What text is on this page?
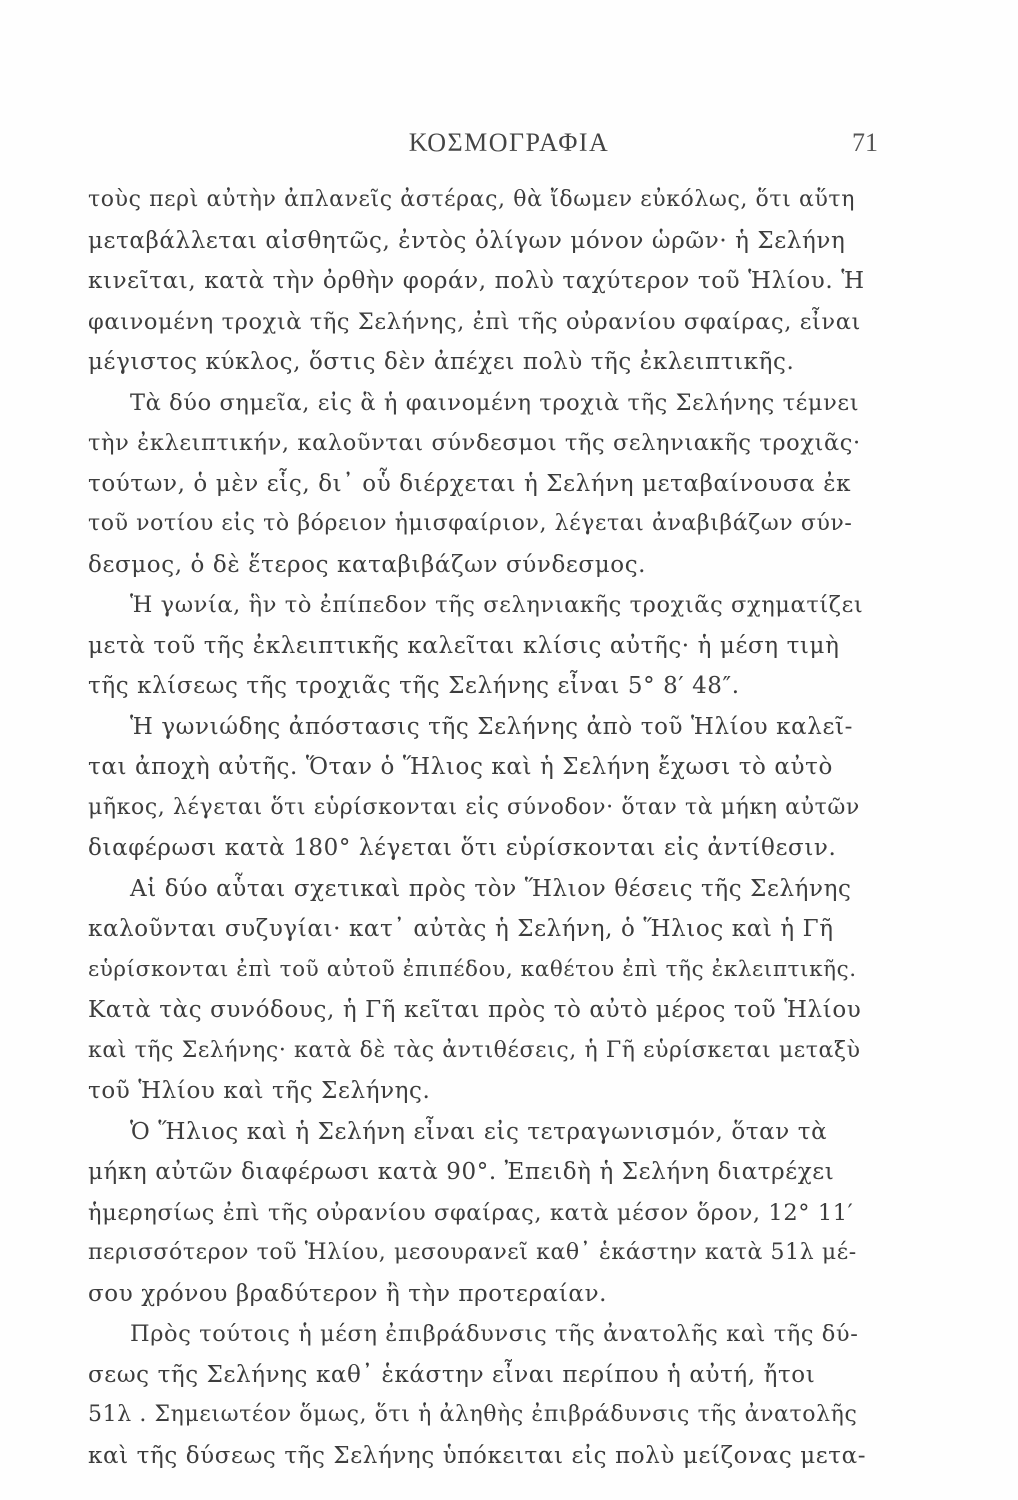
ΚΟΣΜΟΓΡΑΦΙΑ	71
τοὺς περὶ αὐτὴν ἀπλανεῖς ἀστέρας, θὰ ἴδωμεν εὐκόλως, ὅτι αὕτη
μεταβάλλεται αἰσθητῶς, ἐντὸς ὀλίγων μόνον ὡρῶν· ἡ Σελήνη
κινεῖται, κατὰ τὴν ὀρθὴν φοράν, πολὺ ταχύτερον τοῦ Ἡλίου. Ἡ
φαινομένη τροχιὰ τῆς Σελήνης, ἐπὶ τῆς οὐρανίου σφαίρας, εἶναι
μέγιστος κύκλος, ὅστις δὲν ἀπέχει πολὺ τῆς ἐκλειπτικῆς.
Τὰ δύο σημεῖα, εἰς ἃ ἡ φαινομένη τροχιὰ τῆς Σελήνης τέμνει
τὴν ἐκλειπτικήν, καλοῦνται σύνδεσμοι τῆς σεληνιακῆς τροχιᾶς·
τούτων, ὁ μὲν εἷς, δι᾽ οὗ διέρχεται ἡ Σελήνη μεταβαίνουσα ἐκ
τοῦ νοτίου εἰς τὸ βόρειον ἡμισφαίριον, λέγεται ἀναβιβάζων σύν-
δεσμος, ὁ δὲ ἕτερος καταβιβάζων σύνδεσμος.
Ἡ γωνία, ἣν τὸ ἐπίπεδον τῆς σεληνιακῆς τροχιᾶς σχηματίζει
μετὰ τοῦ τῆς ἐκλειπτικῆς καλεῖται κλίσις αὐτῆς· ἡ μέση τιμὴ
τῆς κλίσεως τῆς τροχιᾶς τῆς Σελήνης εἶναι 5° 8′ 48″.
Ἡ γωνιώδης ἀπόστασις τῆς Σελήνης ἀπὸ τοῦ Ἡλίου καλεῖ-
ται ἀποχὴ αὐτῆς. Ὅταν ὁ Ἥλιος καὶ ἡ Σελήνη ἔχωσι τὸ αὐτὸ
μῆκος, λέγεται ὅτι εὑρίσκονται εἰς σύνοδον· ὅταν τὰ μήκη αὐτῶν
διαφέρωσι κατὰ 180° λέγεται ὅτι εὑρίσκονται εἰς ἀντίθεσιν.
Αἱ δύο αὗται σχετικαὶ πρὸς τὸν Ἥλιον θέσεις τῆς Σελήνης
καλοῦνται συζυγίαι· κατ᾽ αὐτὰς ἡ Σελήνη, ὁ Ἥλιος καὶ ἡ Γῆ
εὑρίσκονται ἐπὶ τοῦ αὐτοῦ ἐπιπέδου, καθέτου ἐπὶ τῆς ἐκλειπτικῆς.
Κατὰ τὰς συνόδους, ἡ Γῆ κεῖται πρὸς τὸ αὐτὸ μέρος τοῦ Ἡλίου
καὶ τῆς Σελήνης· κατὰ δὲ τὰς ἀντιθέσεις, ἡ Γῆ εὑρίσκεται μεταξὺ
τοῦ Ἡλίου καὶ τῆς Σελήνης.
Ὁ Ἥλιος καὶ ἡ Σελήνη εἶναι εἰς τετραγωνισμόν, ὅταν τὰ
μήκη αὐτῶν διαφέρωσι κατὰ 90°. Ἐπειδὴ ἡ Σελήνη διατρέχει
ἡμερησίως ἐπὶ τῆς οὐρανίου σφαίρας, κατὰ μέσον ὅρον, 12° 11′
περισσότερον τοῦ Ἡλίου, μεσουρανεῖ καθ᾽ ἑκάστην κατὰ 51λ μέ-
σου χρόνου βραδύτερον ἢ τὴν προτεραίαν.
Πρὸς τούτοις ἡ μέση ἐπιβράδυνσις τῆς ἀνατολῆς καὶ τῆς δύ-
σεως τῆς Σελήνης καθ᾽ ἑκάστην εἶναι περίπου ἡ αὐτή, ἤτοι
51λ . Σημειωτέον ὅμως, ὅτι ἡ ἀληθὴς ἐπιβράδυνσις τῆς ἀνατολῆς
καὶ τῆς δύσεως τῆς Σελήνης ὑπόκειται εἰς πολὺ μείζονας μετα-
